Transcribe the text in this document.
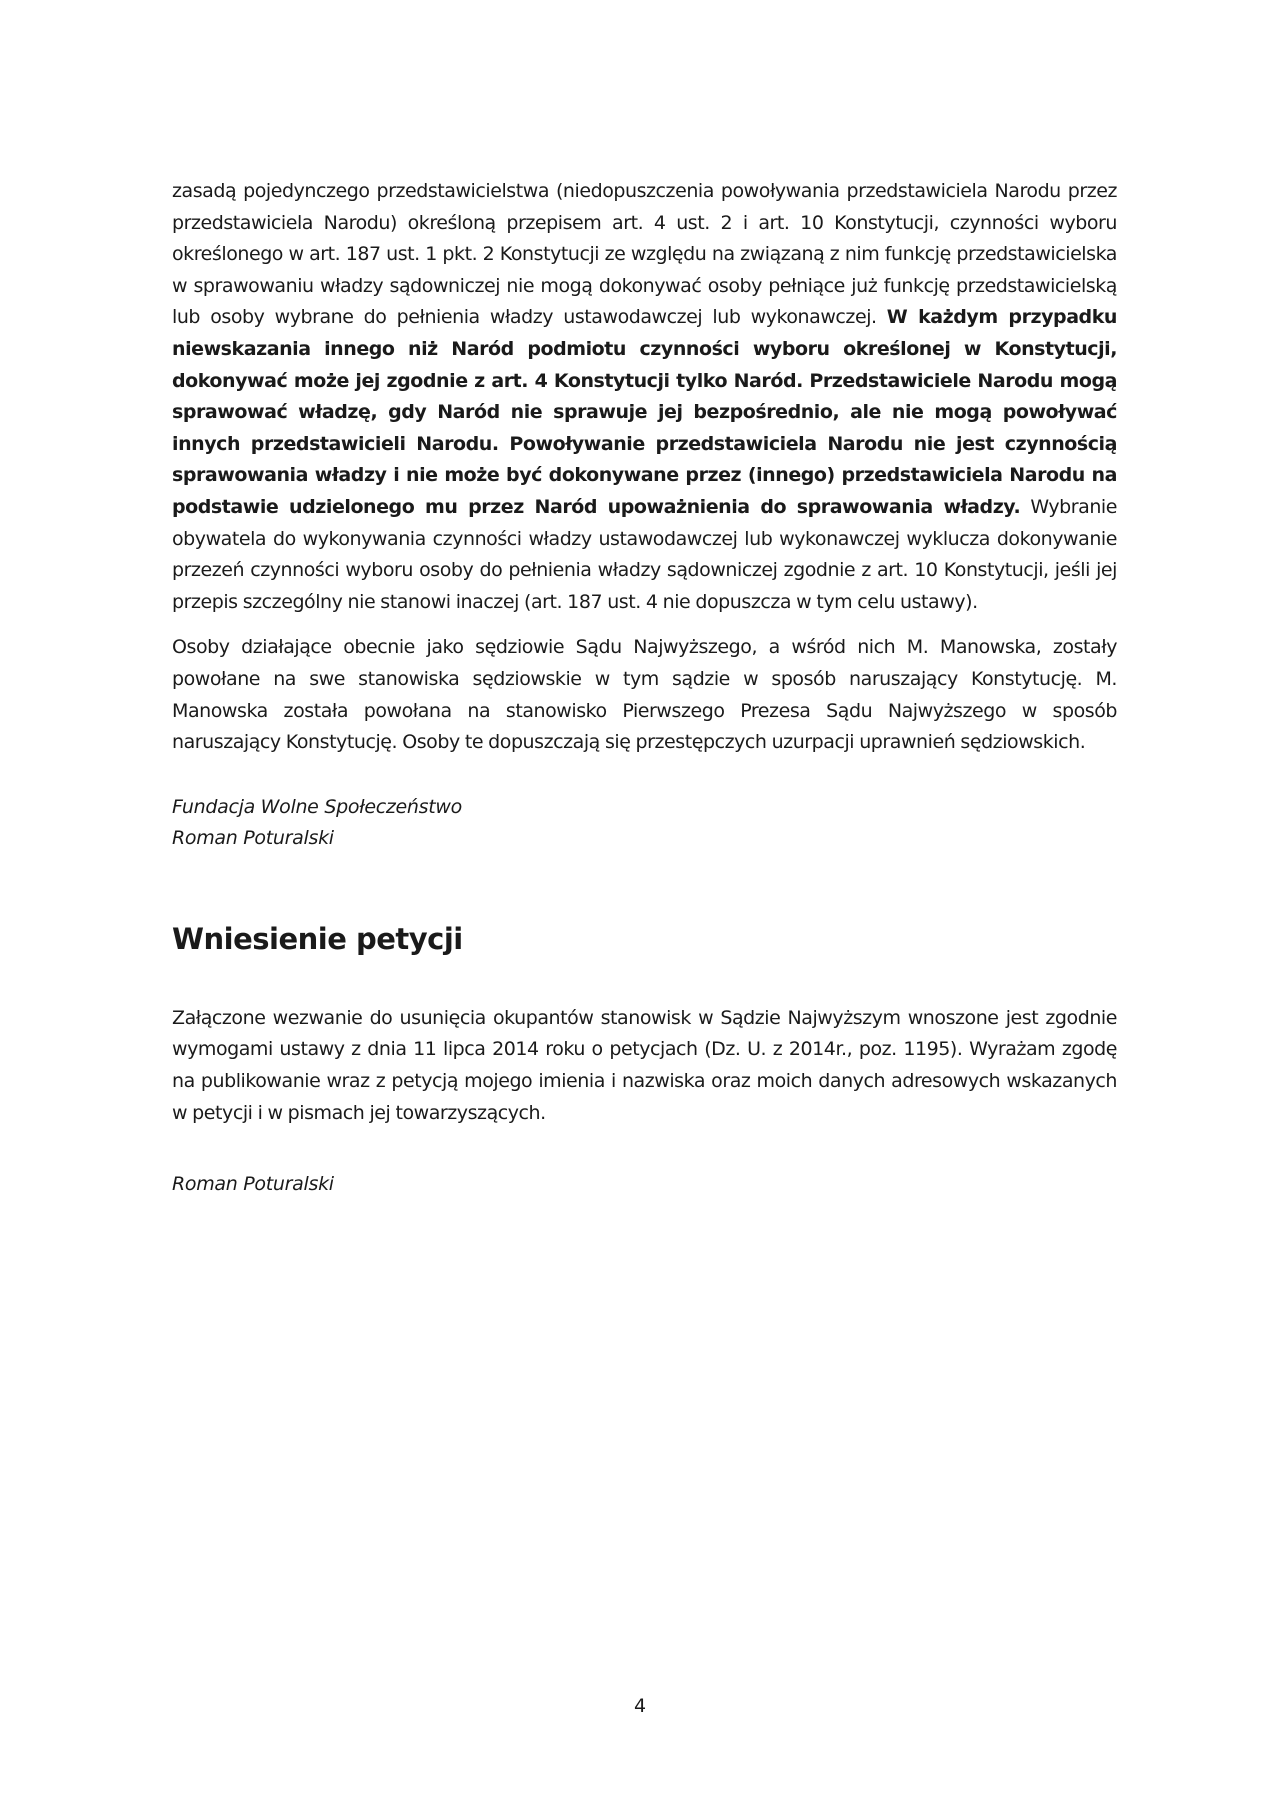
zasadą pojedynczego przedstawicielstwa (niedopuszczenia powoływania przedstawiciela Narodu przez przedstawiciela Narodu) określoną przepisem art. 4 ust. 2 i art. 10 Konstytucji, czynności wyboru określonego w art. 187 ust. 1 pkt. 2 Konstytucji ze względu na związaną z nim funkcję przedstawicielska w sprawowaniu władzy sądowniczej nie mogą dokonywać osoby pełniące już funkcję przedstawicielską lub osoby wybrane do pełnienia władzy ustawodawczej lub wykonawczej. W każdym przypadku niewskazania innego niż Naród podmiotu czynności wyboru określonej w Konstytucji, dokonywać może jej zgodnie z art. 4 Konstytucji tylko Naród. Przedstawiciele Narodu mogą sprawować władzę, gdy Naród nie sprawuje jej bezpośrednio, ale nie mogą powoływać innych przedstawicieli Narodu. Powoływanie przedstawiciela Narodu nie jest czynnością sprawowania władzy i nie może być dokonywane przez (innego) przedstawiciela Narodu na podstawie udzielonego mu przez Naród upoważnienia do sprawowania władzy. Wybranie obywatela do wykonywania czynności władzy ustawodawczej lub wykonawczej wyklucza dokonywanie przezeń czynności wyboru osoby do pełnienia władzy sądowniczej zgodnie z art. 10 Konstytucji, jeśli jej przepis szczególny nie stanowi inaczej (art. 187 ust. 4 nie dopuszcza w tym celu ustawy).

Osoby działające obecnie jako sędziowie Sądu Najwyższego, a wśród nich M. Manowska, zostały powołane na swe stanowiska sędziowskie w tym sądzie w sposób naruszający Konstytucję. M. Manowska została powołana na stanowisko Pierwszego Prezesa Sądu Najwyższego w sposób naruszający Konstytucję. Osoby te dopuszczają się przestępczych uzurpacji uprawnień sędziowskich.

Fundacja Wolne Społeczeństwo
Roman Poturalski
Wniesienie petycji

Załączone wezwanie do usunięcia okupantów stanowisk w Sądzie Najwyższym wnoszone jest zgodnie wymogami ustawy z dnia 11 lipca 2014 roku o petycjach (Dz. U. z 2014r., poz. 1195). Wyrażam zgodę na publikowanie wraz z petycją mojego imienia i nazwiska oraz moich danych adresowych wskazanych w petycji i w pismach jej towarzyszących.

Roman Poturalski
4
